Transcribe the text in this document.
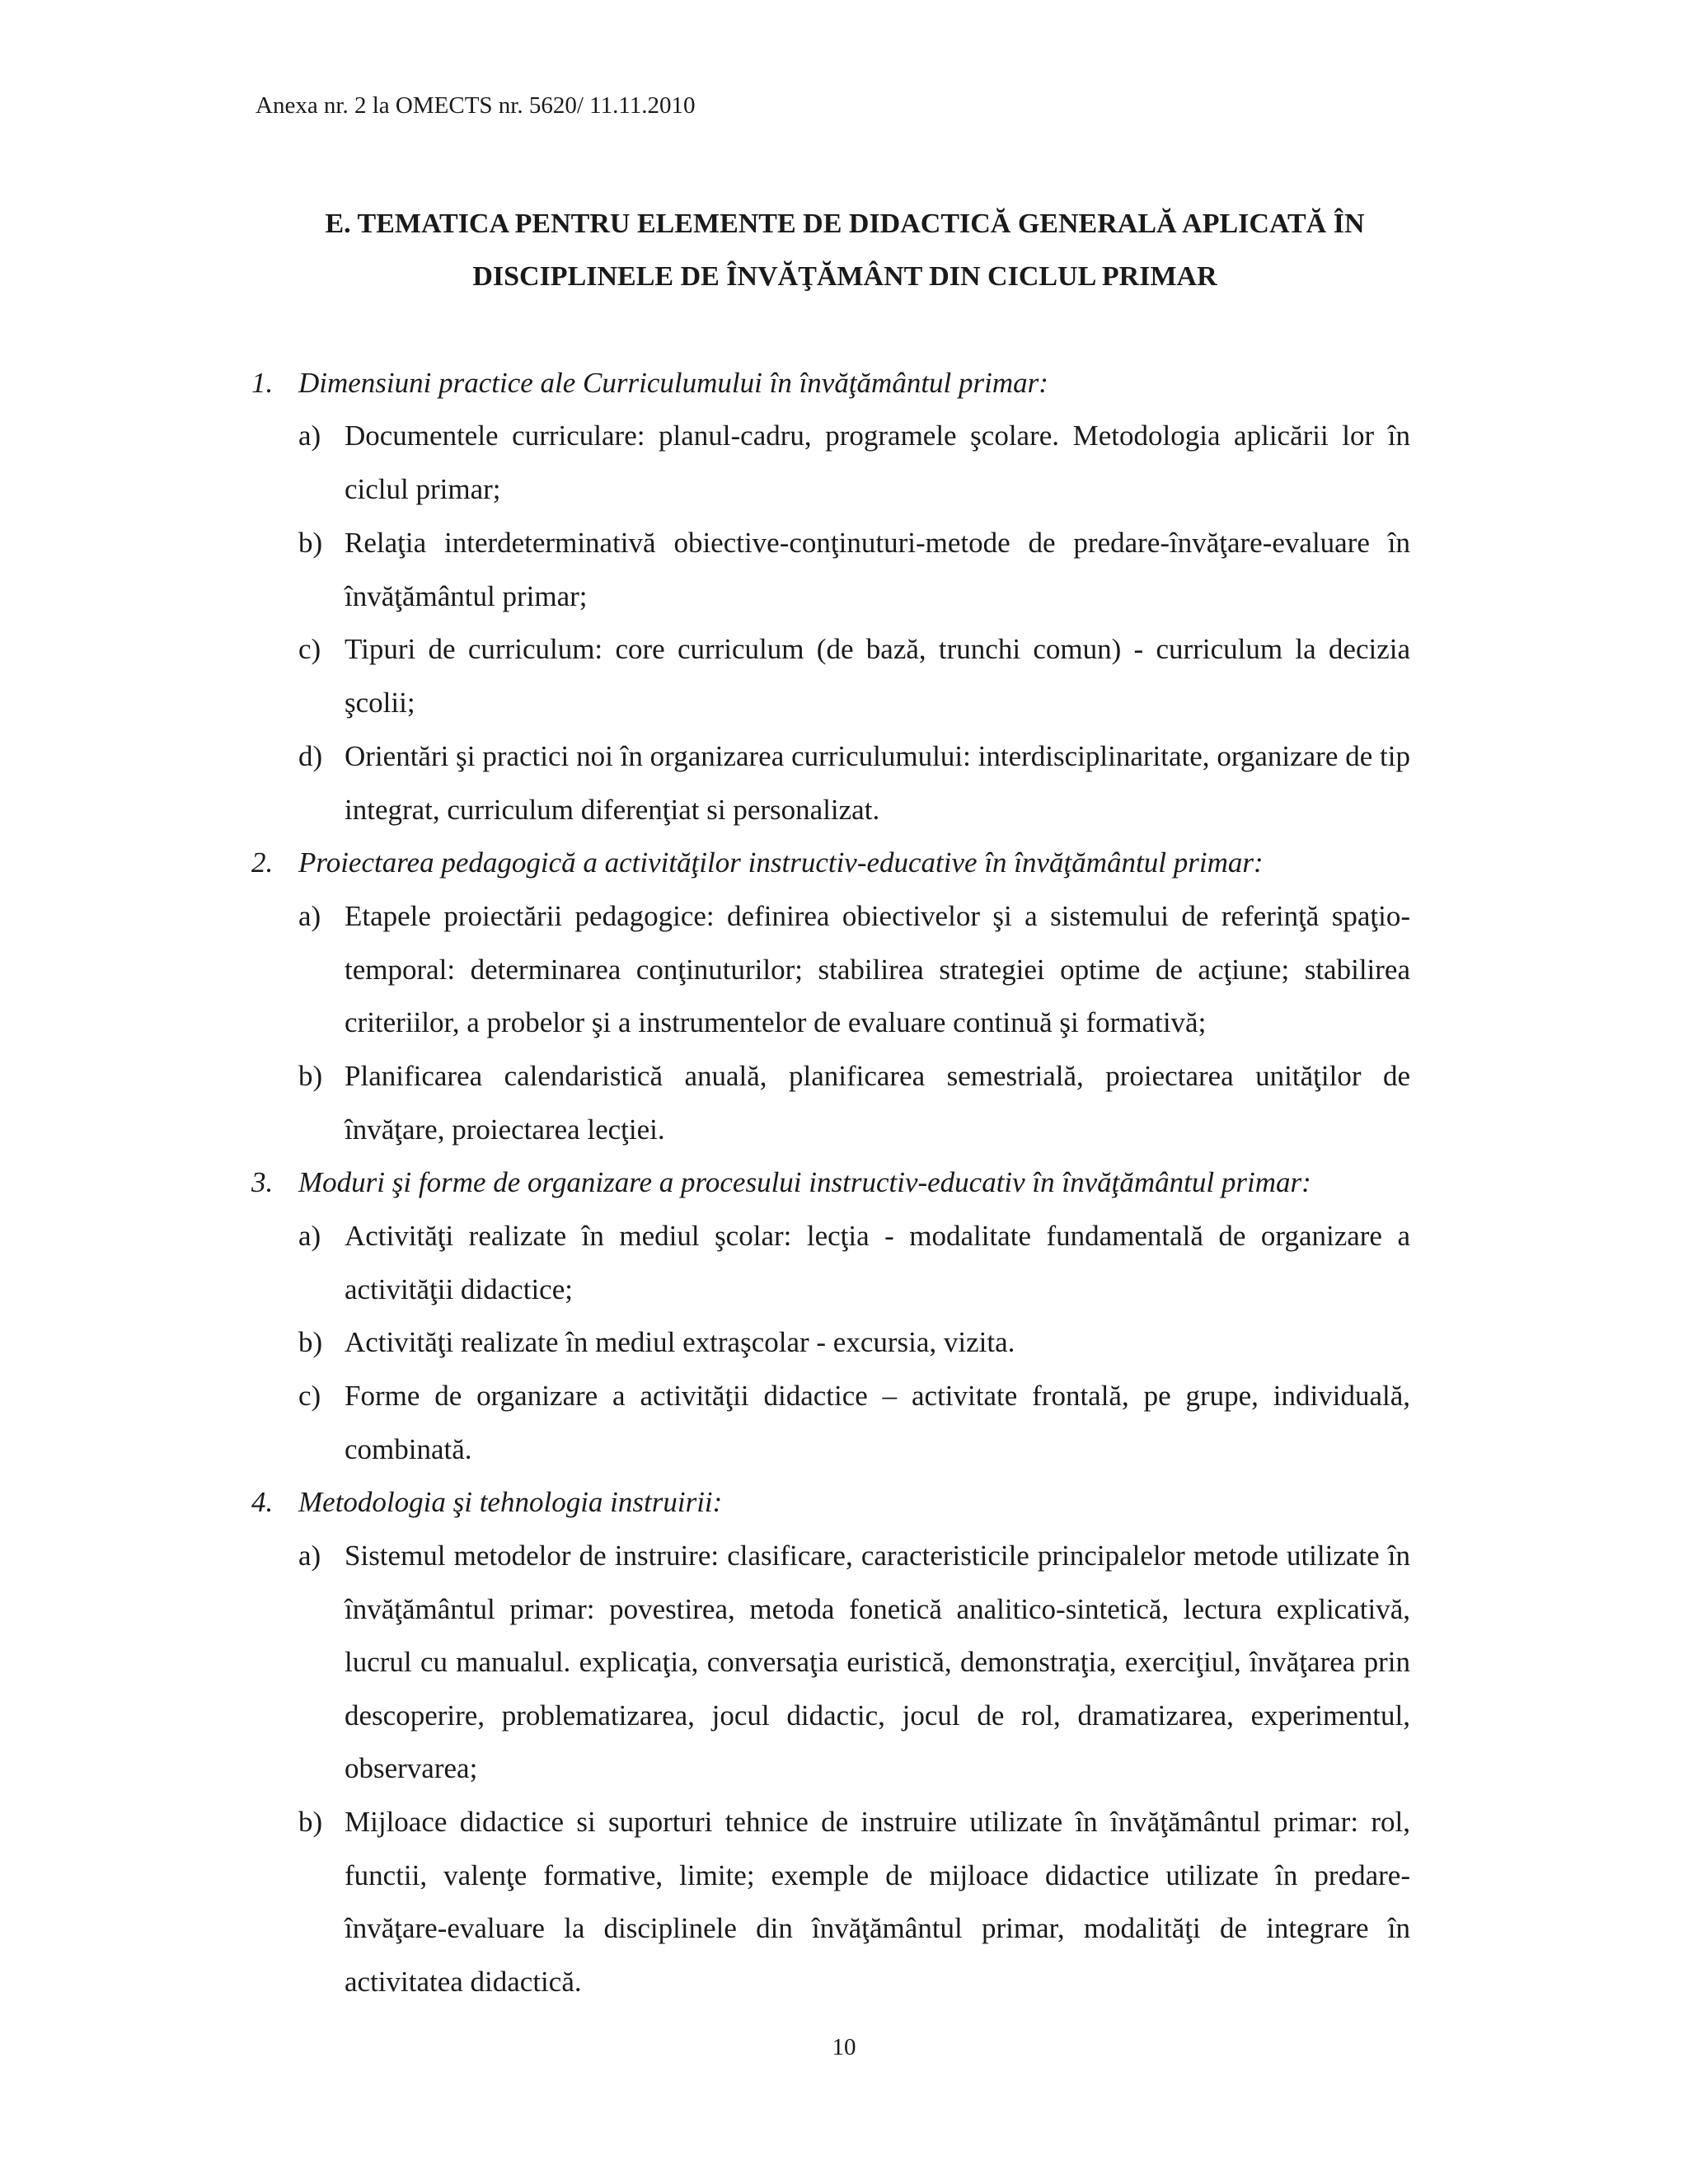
Anexa nr. 2 la OMECTS nr. 5620/ 11.11.2010
E. TEMATICA PENTRU ELEMENTE DE DIDACTICĂ GENERALĂ APLICATĂ ÎN
DISCIPLINELE DE ÎNVĂŢĂMÂNT DIN CICLUL PRIMAR
1. Dimensiuni practice ale Curriculumului în învăţământul primar:
a) Documentele curriculare: planul-cadru, programele şcolare. Metodologia aplicării lor în ciclul primar;
b) Relaţia interdeterminativă obiective-conţinuturi-metode de predare-învăţare-evaluare în învăţământul primar;
c) Tipuri de curriculum: core curriculum (de bază, trunchi comun) - curriculum la decizia şcolii;
d) Orientări şi practici noi în organizarea curriculumului: interdisciplinaritate, organizare de tip integrat, curriculum diferenţiat si personalizat.
2. Proiectarea pedagogică a activităţilor instructiv-educative în învăţământul primar:
a) Etapele proiectării pedagogice: definirea obiectivelor şi a sistemului de referinţă spaţio-temporal: determinarea conţinuturilor; stabilirea strategiei optime de acţiune; stabilirea criteriilor, a probelor şi a instrumentelor de evaluare continuă şi formativă;
b) Planificarea calendaristică anuală, planificarea semestrială, proiectarea unităţilor de învăţare, proiectarea lecţiei.
3. Moduri şi forme de organizare a procesului instructiv-educativ în învăţământul primar:
a) Activităţi realizate în mediul şcolar: lecţia - modalitate fundamentală de organizare a activităţii didactice;
b) Activităţi realizate în mediul extraşcolar - excursia, vizita.
c) Forme de organizare a activităţii didactice – activitate frontală, pe grupe, individuală, combinată.
4. Metodologia şi tehnologia instruirii:
a) Sistemul metodelor de instruire: clasificare, caracteristicile principalelor metode utilizate în învăţământul primar: povestirea, metoda fonetică analitico-sintetică, lectura explicativă, lucrul cu manualul. explicaţia, conversaţia euristică, demonstraţia, exerciţiul, învăţarea prin descoperire, problematizarea, jocul didactic, jocul de rol, dramatizarea, experimentul, observarea;
b) Mijloace didactice si suporturi tehnice de instruire utilizate în învăţământul primar: rol, functii, valenţe formative, limite; exemple de mijloace didactice utilizate în predare-învăţare-evaluare la disciplinele din învăţământul primar, modalităţi de integrare în activitatea didactică.
10
